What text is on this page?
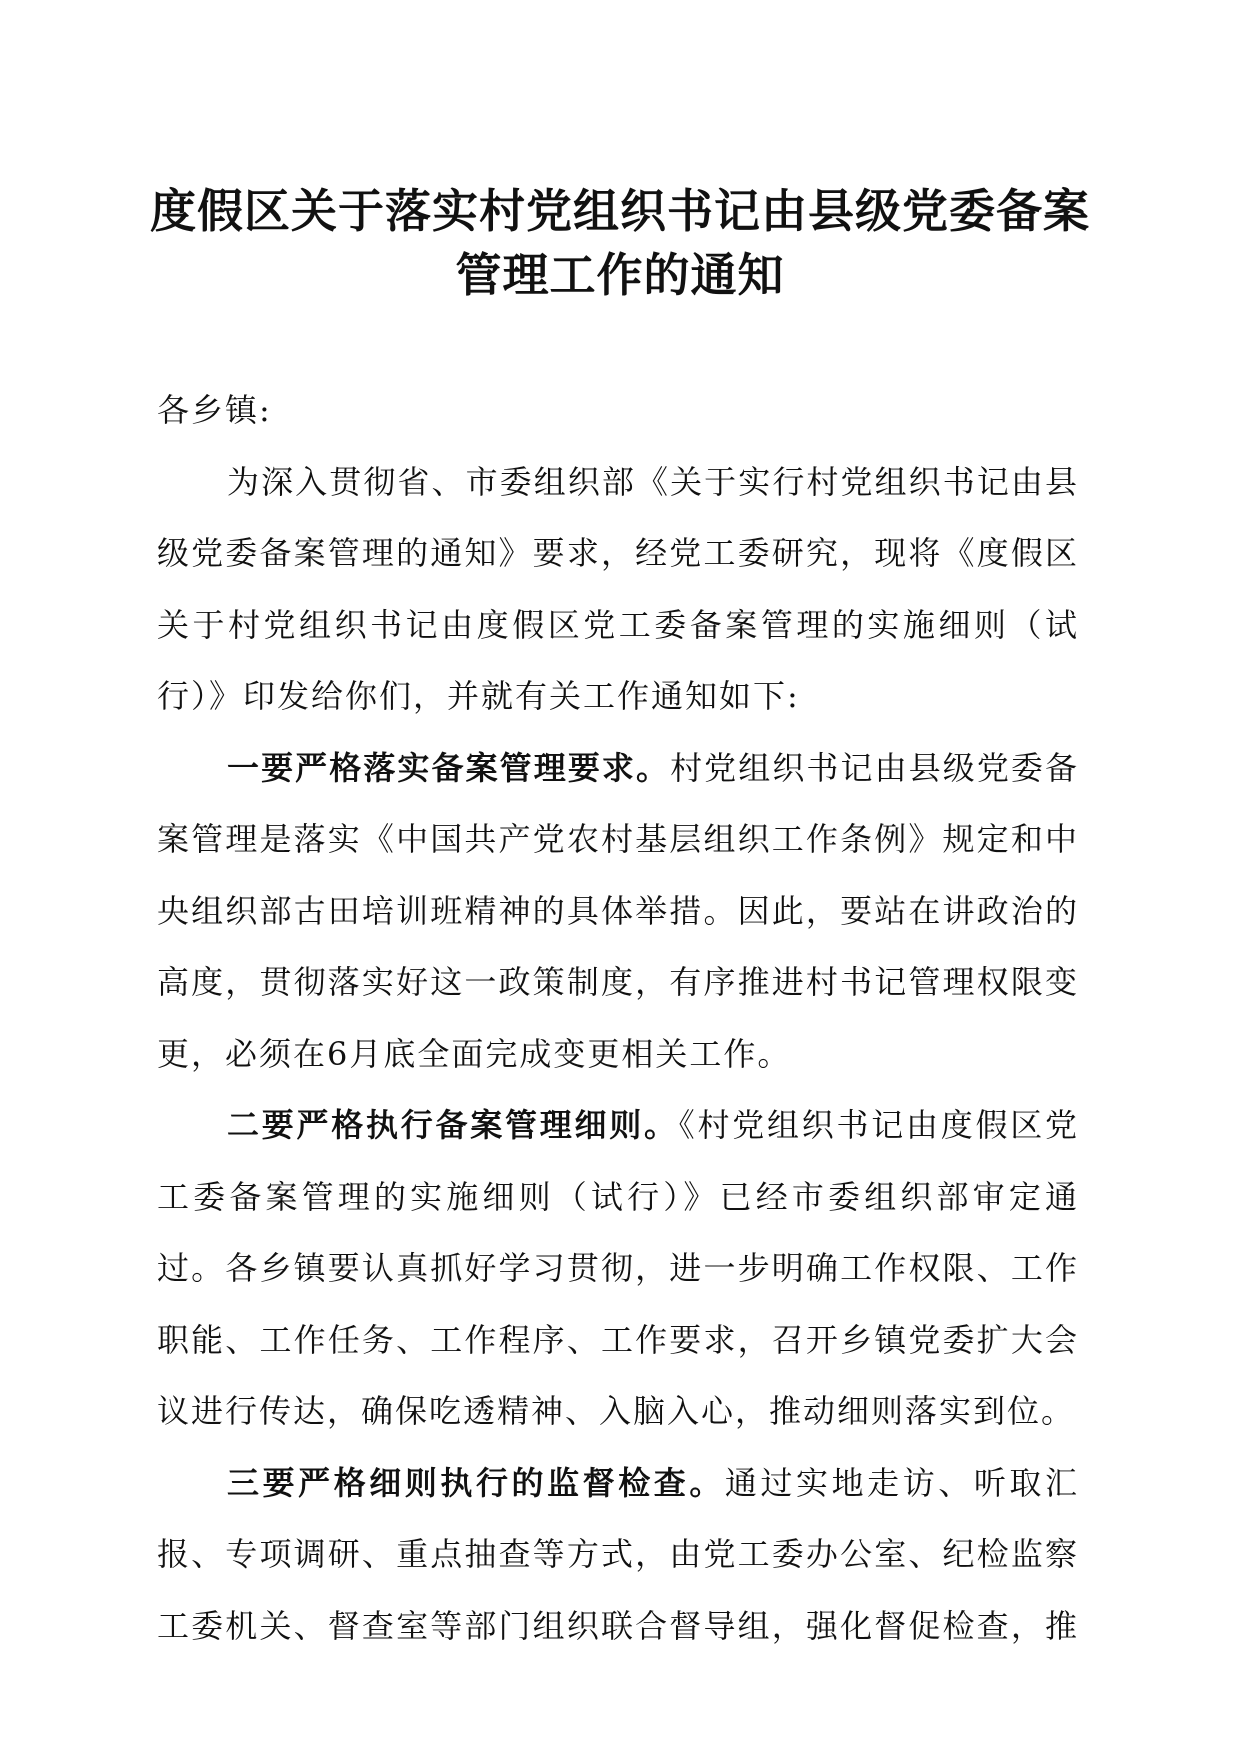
度假区关于落实村党组织书记由县级党委备案
管理工作的通知
各乡镇:
为深入贯彻省、市委组织部《关于实行村党组织书记由县
级党委备案管理的通知》要求，经党工委研究，现将《度假区
关于村党组织书记由度假区党工委备案管理的实施细则（试
行）》印发给你们，并就有关工作通知如下:
一要严格落实备案管理要求。村党组织书记由县级党委备
案管理是落实《中国共产党农村基层组织工作条例》规定和中
央组织部古田培训班精神的具体举措。因此，要站在讲政治的
高度，贯彻落实好这一政策制度，有序推进村书记管理权限变
更，必须在6月底全面完成变更相关工作。
二要严格执行备案管理细则。《村党组织书记由度假区党
工委备案管理的实施细则（试行）》已经市委组织部审定通
过。各乡镇要认真抓好学习贯彻，进一步明确工作权限、工作
职能、工作任务、工作程序、工作要求，召开乡镇党委扩大会
议进行传达，确保吃透精神、入脑入心，推动细则落实到位。
三要严格细则执行的监督检查。通过实地走访、听取汇
报、专项调研、重点抽查等方式，由党工委办公室、纪检监察
工委机关、督查室等部门组织联合督导组，强化督促检查，推
